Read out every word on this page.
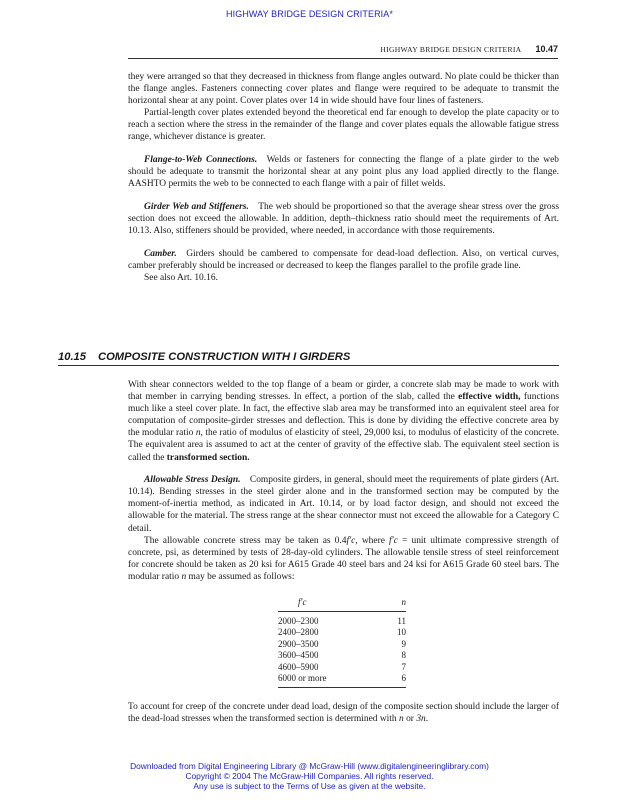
HIGHWAY BRIDGE DESIGN CRITERIA*
HIGHWAY BRIDGE DESIGN CRITERIA 10.47

they were arranged so that they decreased in thickness from flange angles outward. No plate could be thicker than the flange angles. Fasteners connecting cover plates and flange were required to be adequate to transmit the horizontal shear at any point. Cover plates over 14 in wide should have four lines of fasteners.

Partial-length cover plates extended beyond the theoretical end far enough to develop the plate capacity or to reach a section where the stress in the remainder of the flange and cover plates equals the allowable fatigue stress range, whichever distance is greater.

Flange-to-Web Connections.  Welds or fasteners for connecting the flange of a plate girder to the web should be adequate to transmit the horizontal shear at any point plus any load applied directly to the flange. AASHTO permits the web to be connected to each flange with a pair of fillet welds.

Girder Web and Stiffeners.  The web should be proportioned so that the average shear stress over the gross section does not exceed the allowable. In addition, depth–thickness ratio should meet the requirements of Art. 10.13. Also, stiffeners should be provided, where needed, in accordance with those requirements.

Camber.  Girders should be cambered to compensate for dead-load deflection. Also, on vertical curves, camber preferably should be increased or decreased to keep the flanges parallel to the profile grade line.

See also Art. 10.16.

10.15 COMPOSITE CONSTRUCTION WITH I GIRDERS

With shear connectors welded to the top flange of a beam or girder, a concrete slab may be made to work with that member in carrying bending stresses. In effect, a portion of the slab, called the effective width, functions much like a steel cover plate. In fact, the effective slab area may be transformed into an equivalent steel area for computation of composite-girder stresses and deflection. This is done by dividing the effective concrete area by the modular ratio n, the ratio of modulus of elasticity of steel, 29,000 ksi, to modulus of elasticity of the concrete. The equivalent area is assumed to act at the center of gravity of the effective slab. The equivalent steel section is called the transformed section.

Allowable Stress Design.  Composite girders, in general, should meet the requirements of plate girders (Art. 10.14). Bending stresses in the steel girder alone and in the transformed section may be computed by the moment-of-inertia method, as indicated in Art. 10.14, or by load factor design, and should not exceed the allowable for the material. The stress range at the shear connector must not exceed the allowable for a Category C detail.

The allowable concrete stress may be taken as 0.4f′c, where f′c = unit ultimate compressive strength of concrete, psi, as determined by tests of 28-day-old cylinders. The allowable tensile stress of steel reinforcement for concrete should be taken as 20 ksi for A615 Grade 40 steel bars and 24 ksi for A615 Grade 60 steel bars. The modular ratio n may be assumed as follows:

f′c	n
2000–2300	11
2400–2800	10
2900–3500	9
3600–4500	8
4600–5900	7
6000 or more	6

To account for creep of the concrete under dead load, design of the composite section should include the larger of the dead-load stresses when the transformed section is determined with n or 3n.

Downloaded from Digital Engineering Library @ McGraw-Hill (www.digitalengineeringlibrary.com)
Copyright © 2004 The McGraw-Hill Companies. All rights reserved.
Any use is subject to the Terms of Use as given at the website.
